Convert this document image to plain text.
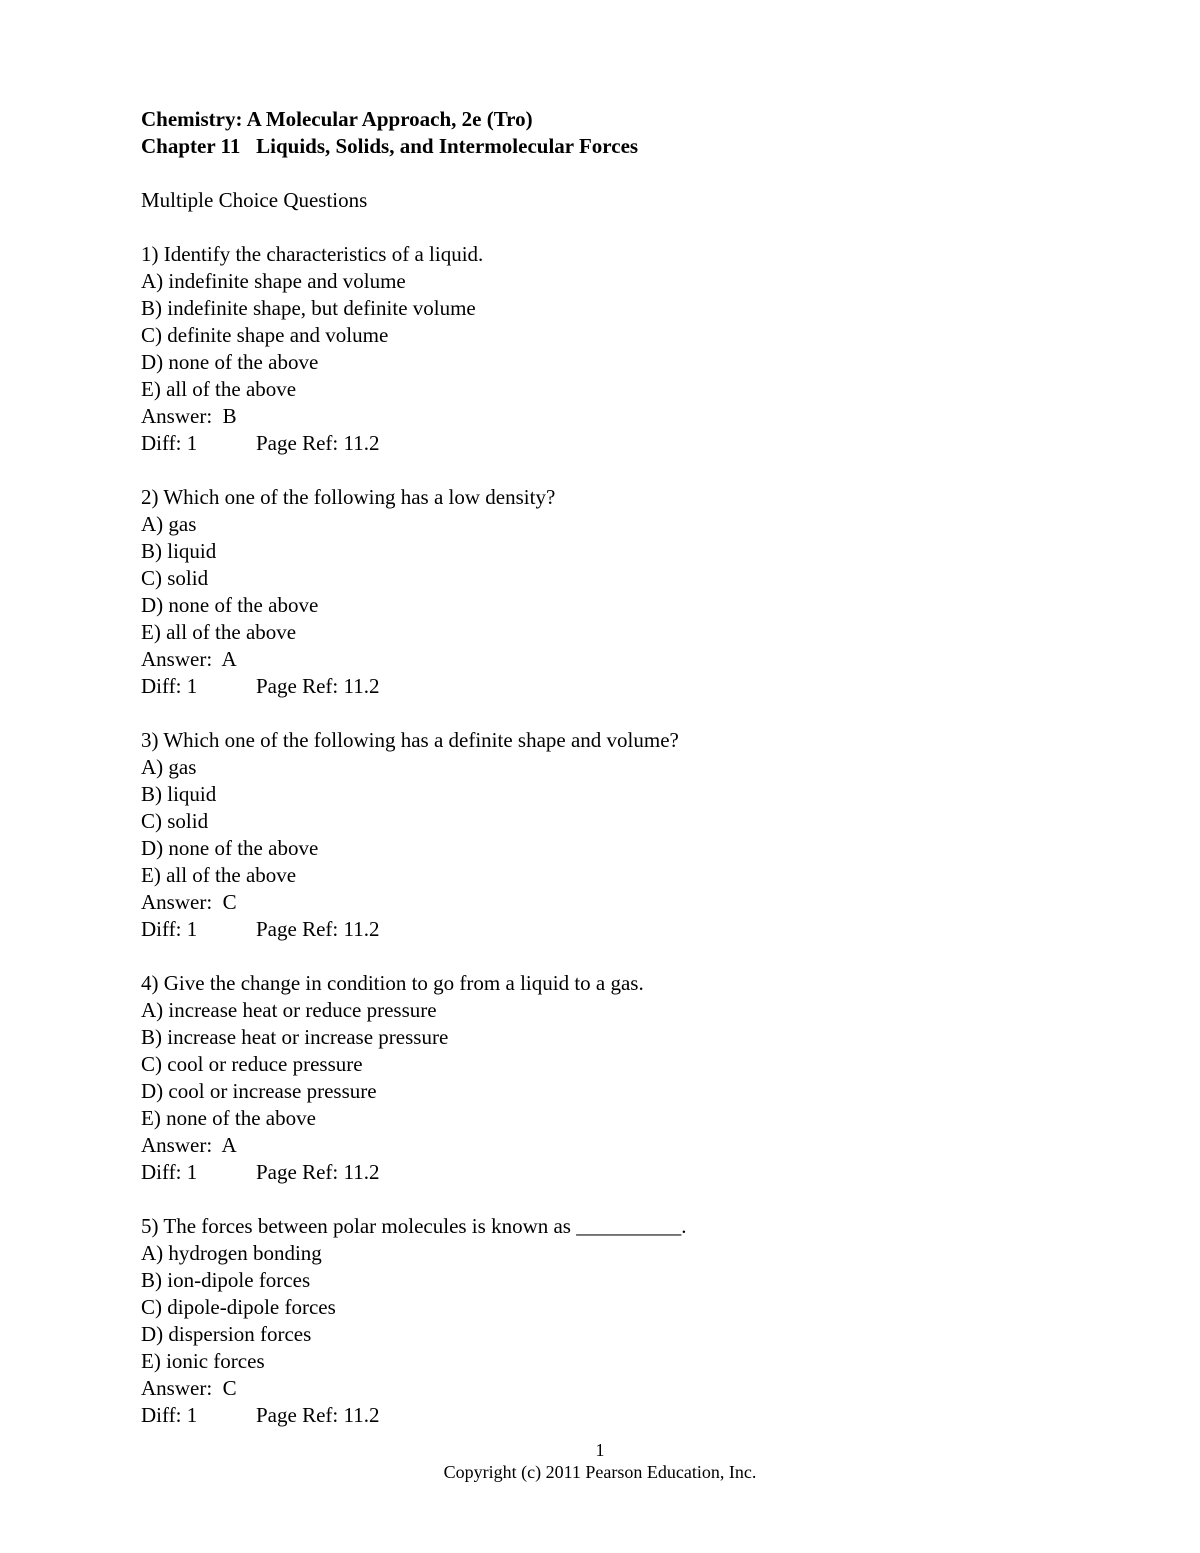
Chemistry: A Molecular Approach, 2e (Tro)
Chapter 11   Liquids, Solids, and Intermolecular Forces
Multiple Choice Questions
1) Identify the characteristics of a liquid.
A) indefinite shape and volume
B) indefinite shape, but definite volume
C) definite shape and volume
D) none of the above
E) all of the above
Answer:  B
Diff: 1	Page Ref: 11.2
2) Which one of the following has a low density?
A) gas
B) liquid
C) solid
D) none of the above
E) all of the above
Answer:  A
Diff: 1	Page Ref: 11.2
3) Which one of the following has a definite shape and volume?
A) gas
B) liquid
C) solid
D) none of the above
E) all of the above
Answer:  C
Diff: 1	Page Ref: 11.2
4) Give the change in condition to go from a liquid to a gas.
A) increase heat or reduce pressure
B) increase heat or increase pressure
C) cool or reduce pressure
D) cool or increase pressure
E) none of the above
Answer:  A
Diff: 1	Page Ref: 11.2
5) The forces between polar molecules is known as __________.
A) hydrogen bonding
B) ion-dipole forces
C) dipole-dipole forces
D) dispersion forces
E) ionic forces
Answer:  C
Diff: 1	Page Ref: 11.2
1
Copyright (c) 2011 Pearson Education, Inc.
